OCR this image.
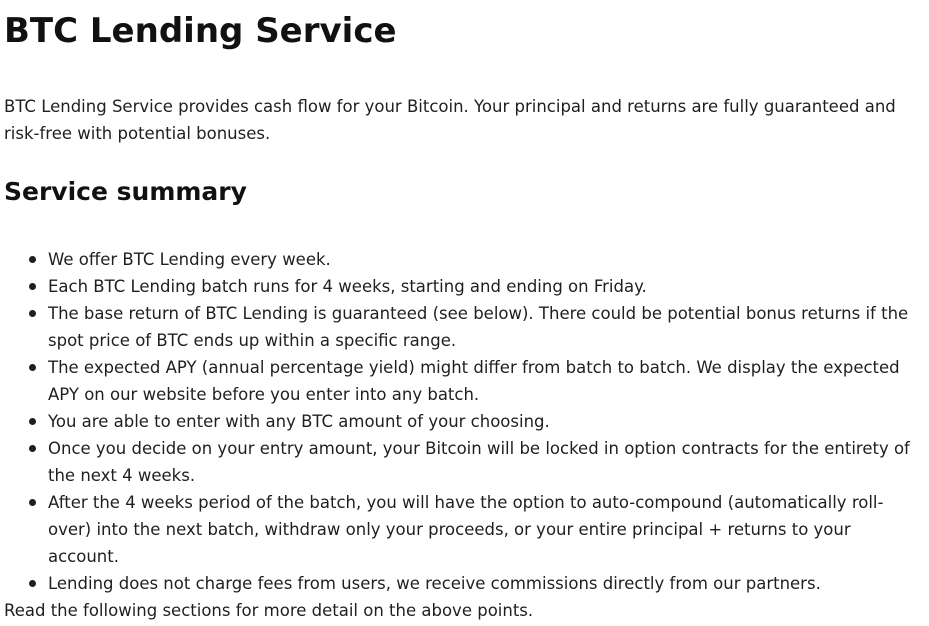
BTC Lending Service

BTC Lending Service provides cash flow for your Bitcoin. Your principal and returns are fully guaranteed and risk-free with potential bonuses.

Service summary
We offer BTC Lending every week.
Each BTC Lending batch runs for 4 weeks, starting and ending on Friday.
The base return of BTC Lending is guaranteed (see below). There could be potential bonus returns if the spot price of BTC ends up within a specific range.
The expected APY (annual percentage yield) might differ from batch to batch. We display the expected APY on our website before you enter into any batch.
You are able to enter with any BTC amount of your choosing.
Once you decide on your entry amount, your Bitcoin will be locked in option contracts for the entirety of the next 4 weeks.
After the 4 weeks period of the batch, you will have the option to auto-compound (automatically roll-over) into the next batch, withdraw only your proceeds, or your entire principal + returns to your account.
Lending does not charge fees from users, we receive commissions directly from our partners.

Read the following sections for more detail on the above points.
